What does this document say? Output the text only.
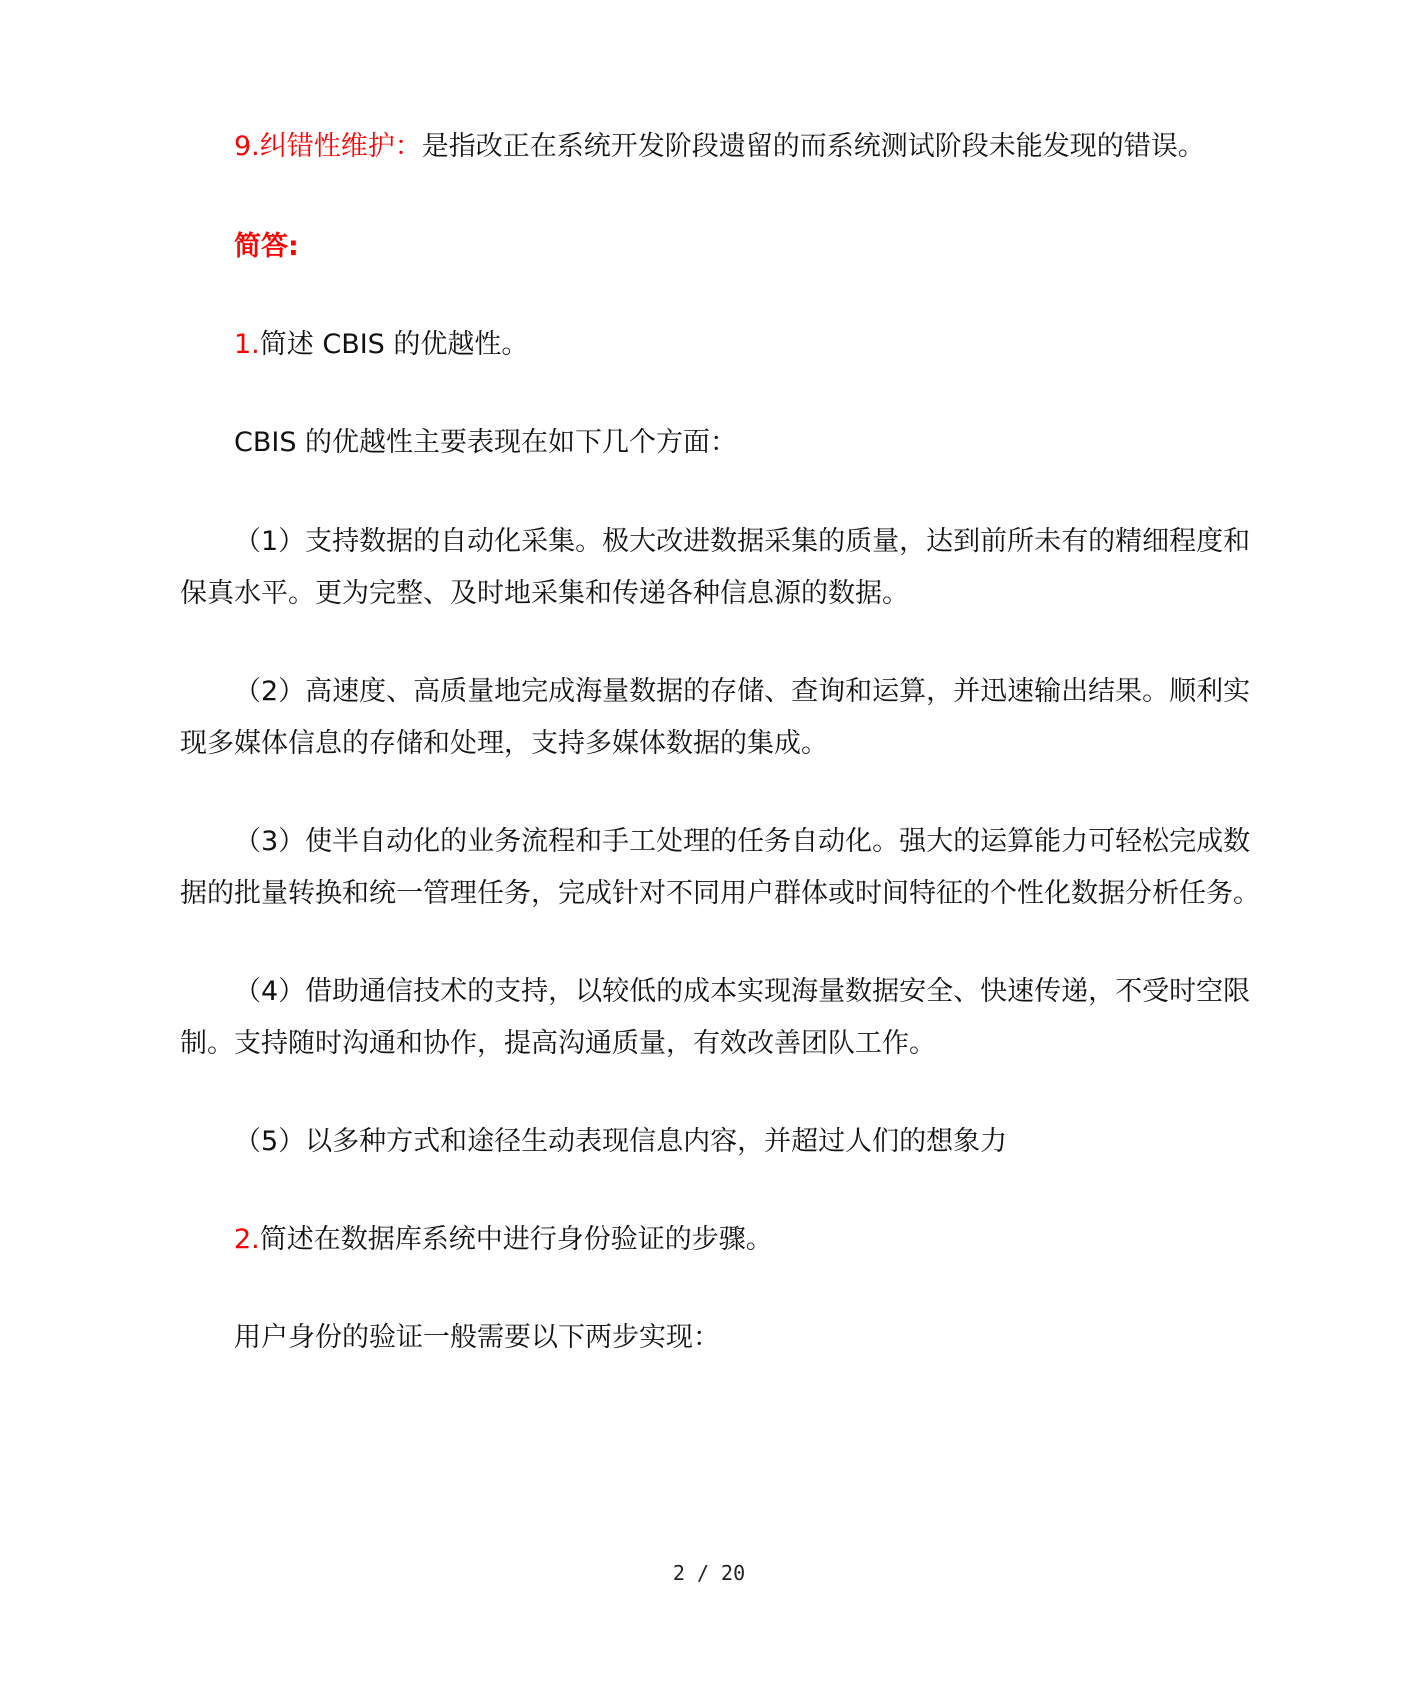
9.纠错性维护：是指改正在系统开发阶段遗留的而系统测试阶段未能发现的错误。
简答:
1.简述 CBIS 的优越性。
CBIS 的优越性主要表现在如下几个方面：
（1）支持数据的自动化采集。极大改进数据采集的质量，达到前所未有的精细程度和
保真水平。更为完整、及时地采集和传递各种信息源的数据。
（2）高速度、高质量地完成海量数据的存储、查询和运算，并迅速输出结果。顺利实
现多媒体信息的存储和处理，支持多媒体数据的集成。
（3）使半自动化的业务流程和手工处理的任务自动化。强大的运算能力可轻松完成数
据的批量转换和统一管理任务，完成针对不同用户群体或时间特征的个性化数据分析任务。
（4）借助通信技术的支持，以较低的成本实现海量数据安全、快速传递，不受时空限
制。支持随时沟通和协作，提高沟通质量，有效改善团队工作。
（5）以多种方式和途径生动表现信息内容，并超过人们的想象力
2.简述在数据库系统中进行身份验证的步骤。
用户身份的验证一般需要以下两步实现：
2 / 20
